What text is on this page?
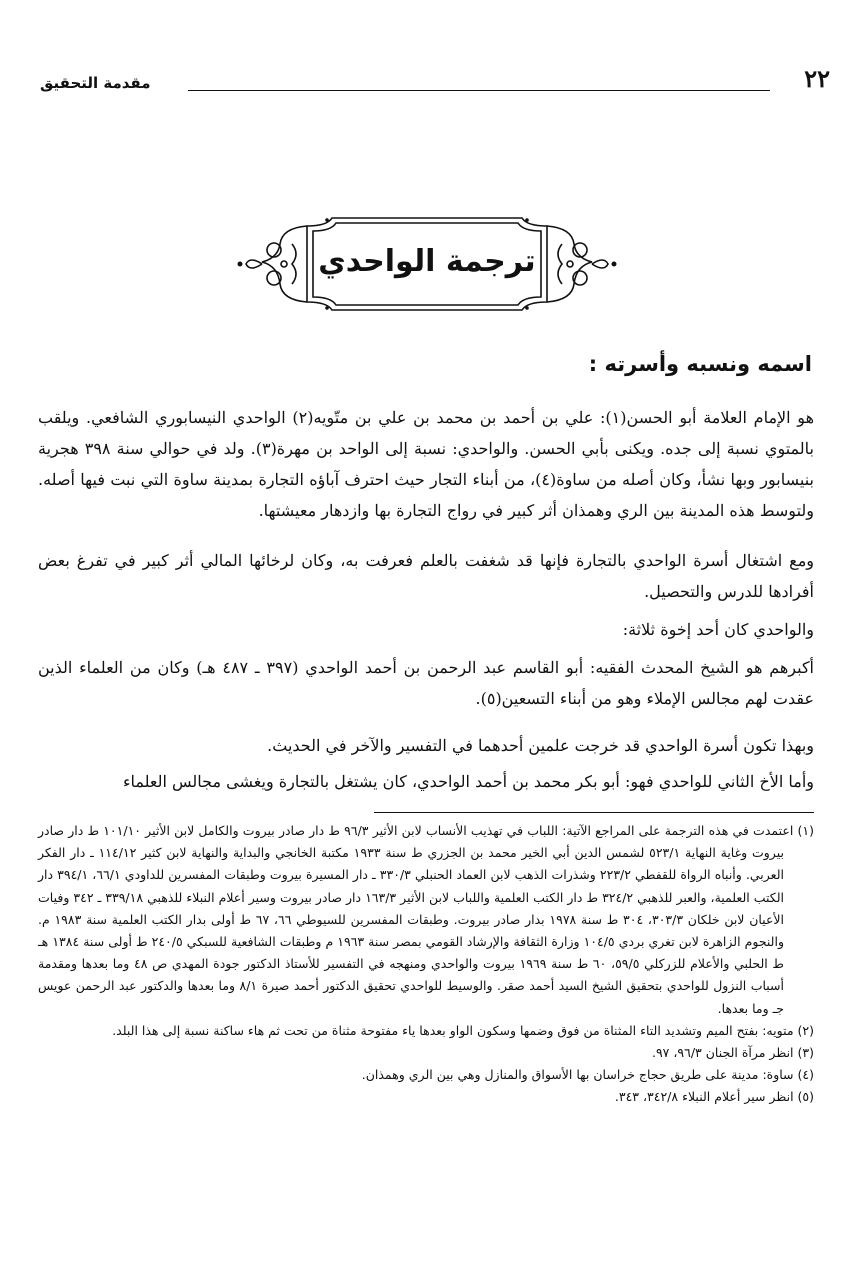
٢٢
مقدمة التحقيق
ترجمة الواحدي
اسمه ونسبه وأسرته :

هو الإمام العلامة أبو الحسن(١): علي بن أحمد بن محمد بن علي بن متّويه(٢) الواحدي النيسابوري الشافعي. ويلقب بالمتوي نسبة إلى جده. ويكنى بأبي الحسن. والواحدي: نسبة إلى الواحد بن مهرة(٣). ولد في حوالي سنة ٣٩٨ هجرية بنيسابور وبها نشأ، وكان أصله من ساوة(٤)، من أبناء التجار حيث احترف آباؤه التجارة بمدينة ساوة التي نبت فيها أصله. ولتوسط هذه المدينة بين الري وهمذان أثر كبير في رواج التجارة بها وازدهار معيشتها.

ومع اشتغال أسرة الواحدي بالتجارة فإنها قد شغفت بالعلم فعرفت به، وكان لرخائها المالي أثر كبير في تفرغ بعض أفرادها للدرس والتحصيل.

والواحدي كان أحد إخوة ثلاثة:

أكبرهم هو الشيخ المحدث الفقيه: أبو القاسم عبد الرحمن بن أحمد الواحدي (٣٩٧ ـ ٤٨٧ هـ) وكان من العلماء الذين عقدت لهم مجالس الإملاء وهو من أبناء التسعين(٥).

وبهذا تكون أسرة الواحدي قد خرجت علمين أحدهما في التفسير والآخر في الحديث.

وأما الأخ الثاني للواحدي فهو: أبو بكر محمد بن أحمد الواحدي، كان يشتغل بالتجارة ويغشى مجالس العلماء

(١) اعتمدت في هذه الترجمة على المراجع الآتية: اللباب في تهذيب الأنساب لابن الأثير ٩٦/٣ ط دار صادر بيروت والكامل لابن الأثير ١٠١/١٠ ط دار صادر بيروت وغاية النهاية ٥٢٣/١ لشمس الدين أبي الخير محمد بن الجزري ط سنة ١٩٣٣ مكتبة الخانجي والبداية والنهاية لابن كثير ١١٤/١٢ ـ دار الفكر العربي. وأنباه الرواة للقفطي ٢٢٣/٢ وشذرات الذهب لابن العماد الحنبلي ٣٣٠/٣ ـ دار المسيرة بيروت وطبقات المفسرين للداودي ٦٦/١، ٣٩٤/١ دار الكتب العلمية، والعبر للذهبي ٣٢٤/٢ ط دار الكتب العلمية واللباب لابن الأثير ١٦٣/٣ دار صادر بيروت وسير أعلام النبلاء للذهبي ٣٣٩/١٨ ـ ٣٤٢ وفيات الأعيان لابن خلكان ٣٠٣/٣، ٣٠٤ ط سنة ١٩٧٨ بدار صادر بيروت. وطبقات المفسرين للسيوطي ٦٦، ٦٧ ط أولى بدار الكتب العلمية سنة ١٩٨٣ م. والنجوم الزاهرة لابن تغري بردي ١٠٤/٥ وزارة الثقافة والإرشاد القومي بمصر سنة ١٩٦٣ م وطبقات الشافعية للسبكي ٢٤٠/٥ ط أولى سنة ١٣٨٤ هـ ط الحلبي والأعلام للزركلي ٥٩/٥، ٦٠ ط سنة ١٩٦٩ بيروت والواحدي ومنهجه في التفسير للأستاذ الدكتور جودة المهدي ص ٤٨ وما بعدها ومقدمة أسباب النزول للواحدي بتحقيق الشيخ السيد أحمد صقر. والوسيط للواحدي تحقيق الدكتور أحمد صيرة ٨/١ وما بعدها والدكتور عبد الرحمن عويس جـ وما بعدها.

(٢) متويه: بفتح الميم وتشديد التاء المثناة من فوق وضمها وسكون الواو بعدها ياء مفتوحة مثناة من تحت ثم هاء ساكنة نسبة إلى هذا البلد.

(٣) انظر مرآة الجنان ٩٦/٣، ٩٧.

(٤) ساوة: مدينة على طريق حجاج خراسان بها الأسواق والمنازل وهي بين الري وهمذان.

(٥) انظر سير أعلام النبلاء ٣٤٢/٨، ٣٤٣.
